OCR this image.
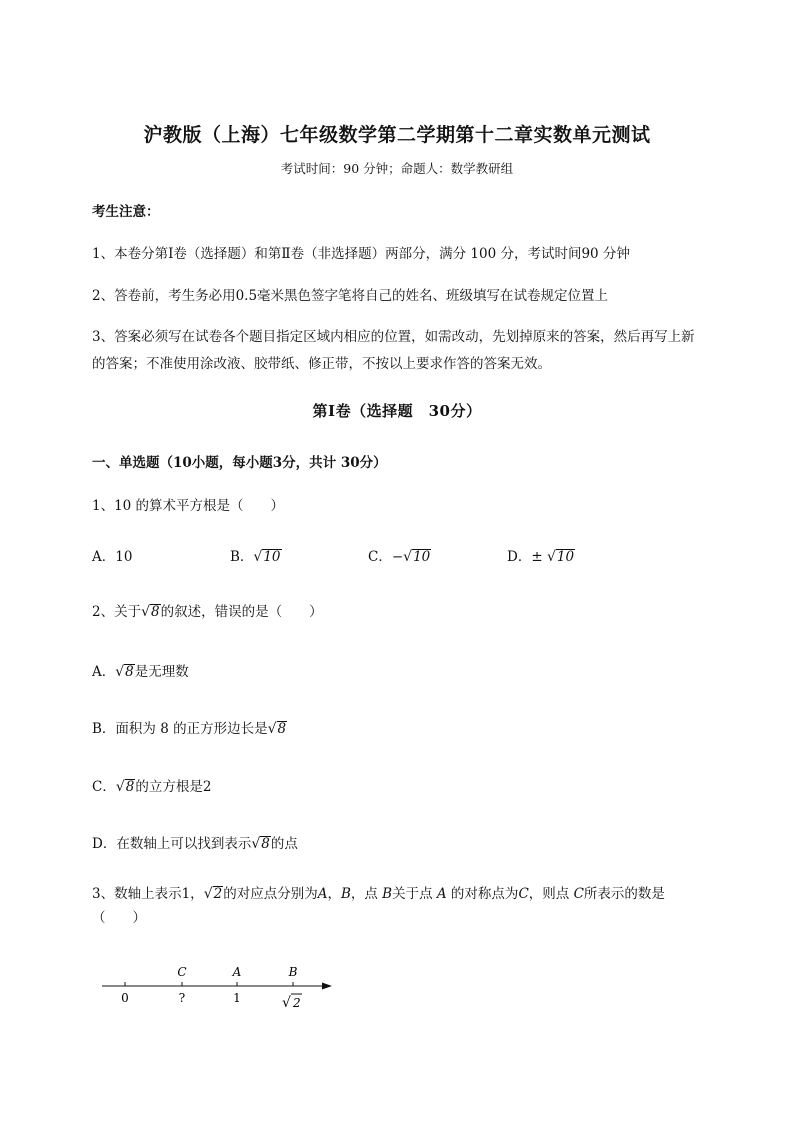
沪教版（上海）七年级数学第二学期第十二章实数单元测试
考试时间：90 分钟；命题人：数学教研组
考生注意：
1、本卷分第Ⅰ卷（选择题）和第Ⅱ卷（非选择题）两部分，满分 100 分，考试时间90 分钟
2、答卷前，考生务必用0.5毫米黑色签字笔将自己的姓名、班级填写在试卷规定位置上
3、答案必须写在试卷各个题目指定区域内相应的位置，如需改动，先划掉原来的答案，然后再写上新
的答案；不准使用涂改液、胶带纸、修正带，不按以上要求作答的答案无效。
第Ⅰ卷（选择题　30分）
一、单选题（10小题，每小题3分，共计 30分）
1、10 的算术平方根是（　　）
A．10	B．√10	C．−√10	D．± √10
2、关于√8的叙述，错误的是（　　）
A．√8是无理数
B．面积为 8 的正方形边长是√8
C．√8的立方根是2
D．在数轴上可以找到表示√8的点
3、数轴上表示1，√2的对应点分别为A，B，点 B关于点 A 的对称点为C，则点 C所表示的数是
（　　）
C	A	B
0	?	1	√ 2
